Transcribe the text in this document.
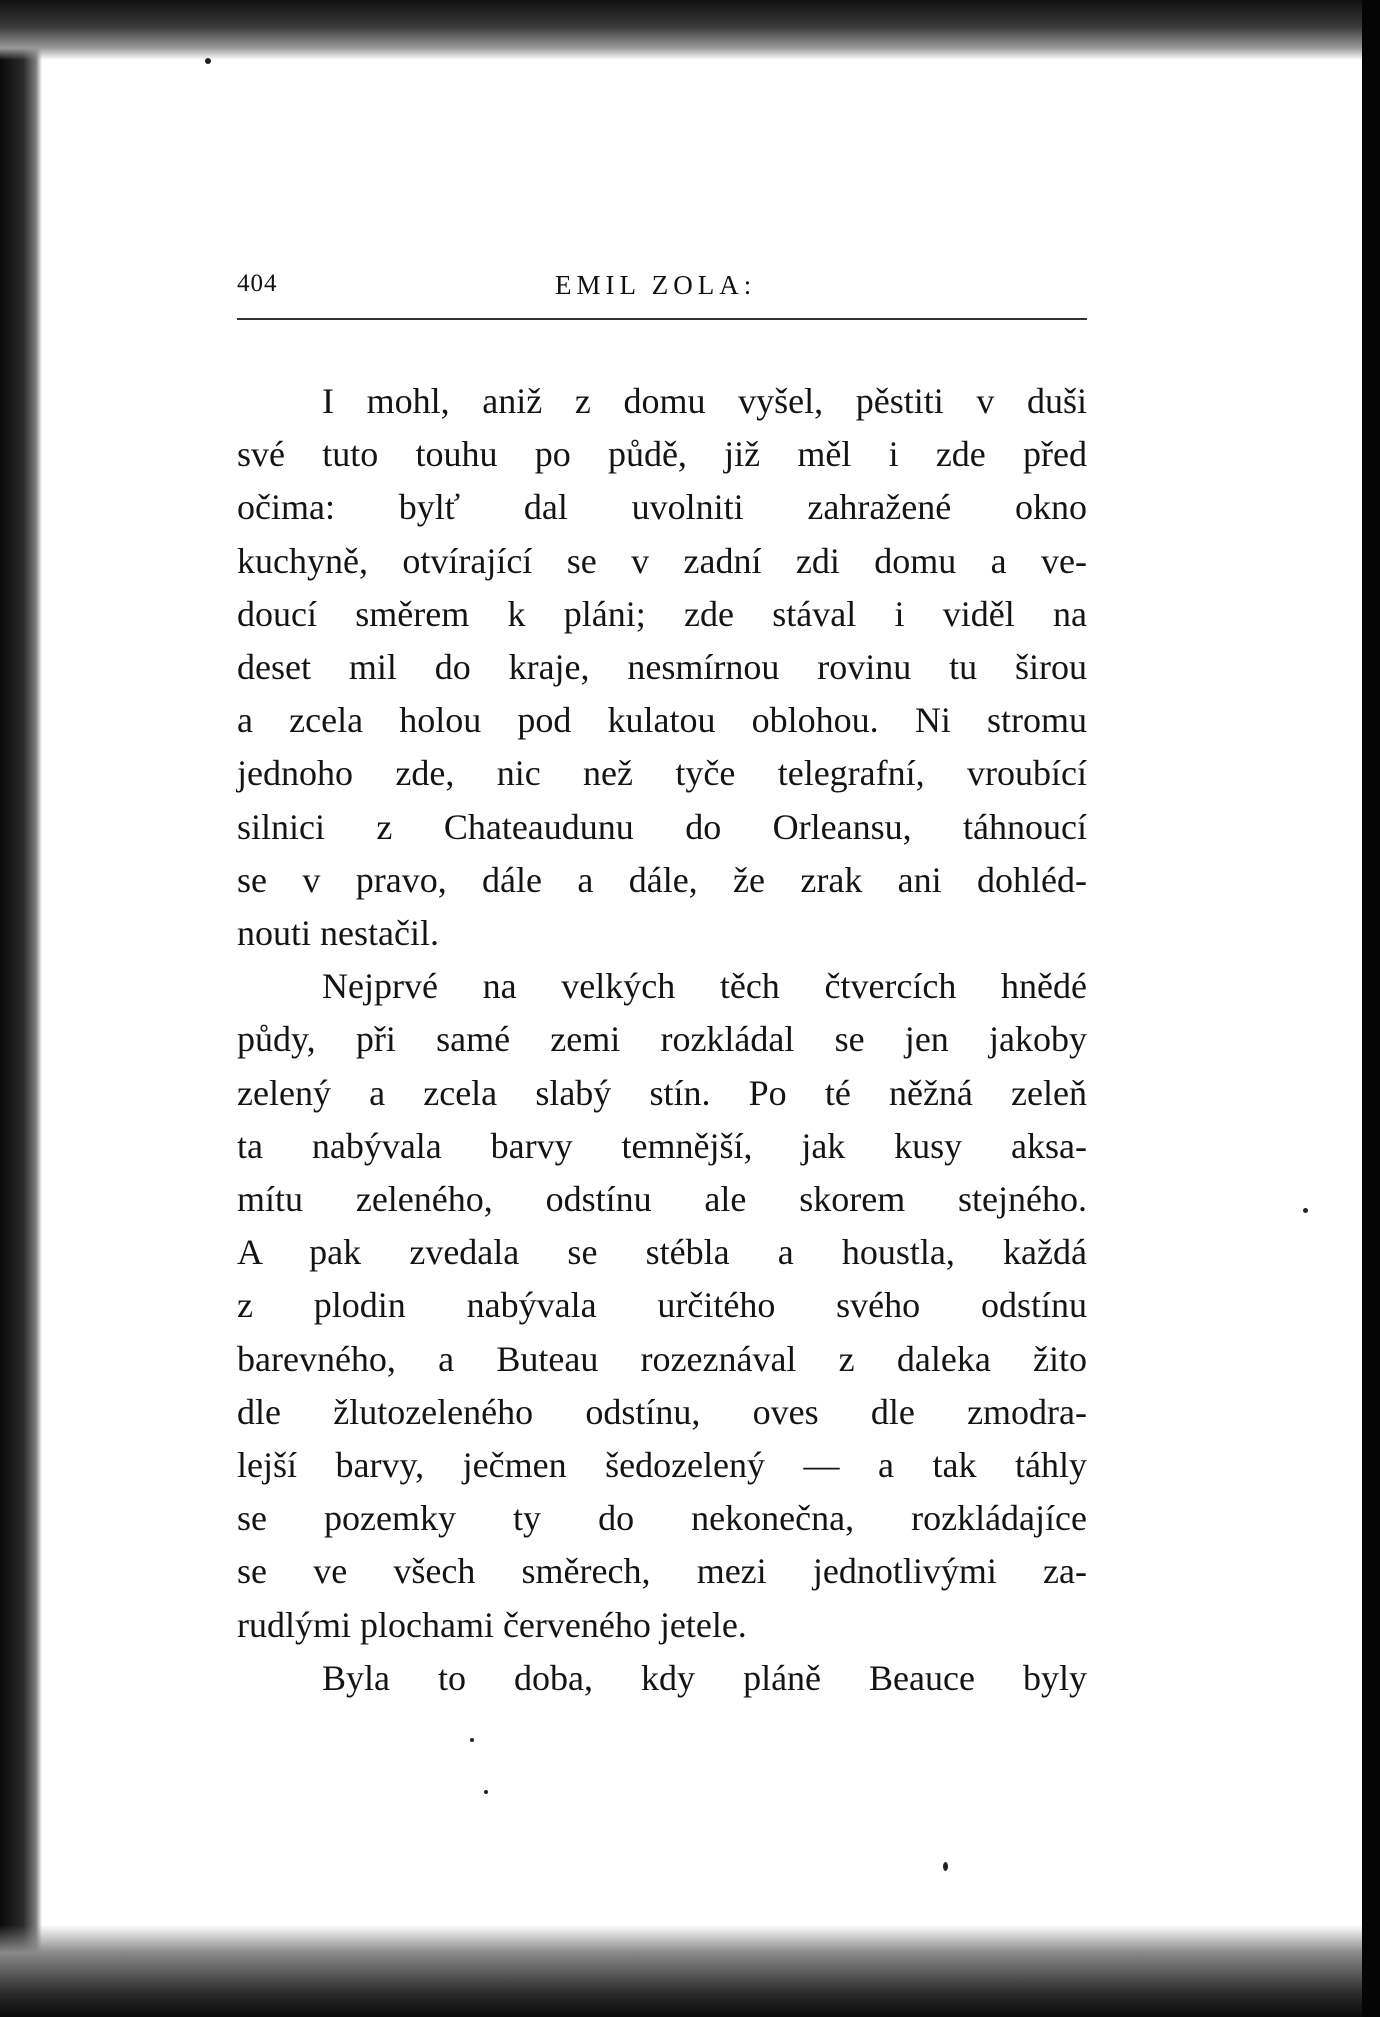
404	EMIL ZOLA:
I mohl, aniž z domu vyšel, pěstiti v duši
své tuto touhu po půdě, již měl i zde před
očima: bylť dal uvolniti zahražené okno
kuchyně, otvírající se v zadní zdi domu a ve-
doucí směrem k pláni; zde stával i viděl na
deset mil do kraje, nesmírnou rovinu tu širou
a zcela holou pod kulatou oblohou. Ni stromu
jednoho zde, nic než tyče telegrafní, vroubící
silnici z Chateaudunu do Orleansu, táhnoucí
se v pravo, dále a dále, že zrak ani dohléd-
nouti nestačil.
Nejprvé na velkých těch čtvercích hnědé
půdy, při samé zemi rozkládal se jen jakoby
zelený a zcela slabý stín. Po té něžná zeleň
ta nabývala barvy temnější, jak kusy aksa-
mítu zeleného, odstínu ale skorem stejného.
A pak zvedala se stébla a houstla, každá
z plodin nabývala určitého svého odstínu
barevného, a Buteau rozeznával z daleka žito
dle žlutozeleného odstínu, oves dle zmodra-
lejší barvy, ječmen šedozelený — a tak táhly
se pozemky ty do nekonečna, rozkládajíce
se ve všech směrech, mezi jednotlivými za-
rudlými plochami červeného jetele.
Byla to doba, kdy pláně Beauce byly
